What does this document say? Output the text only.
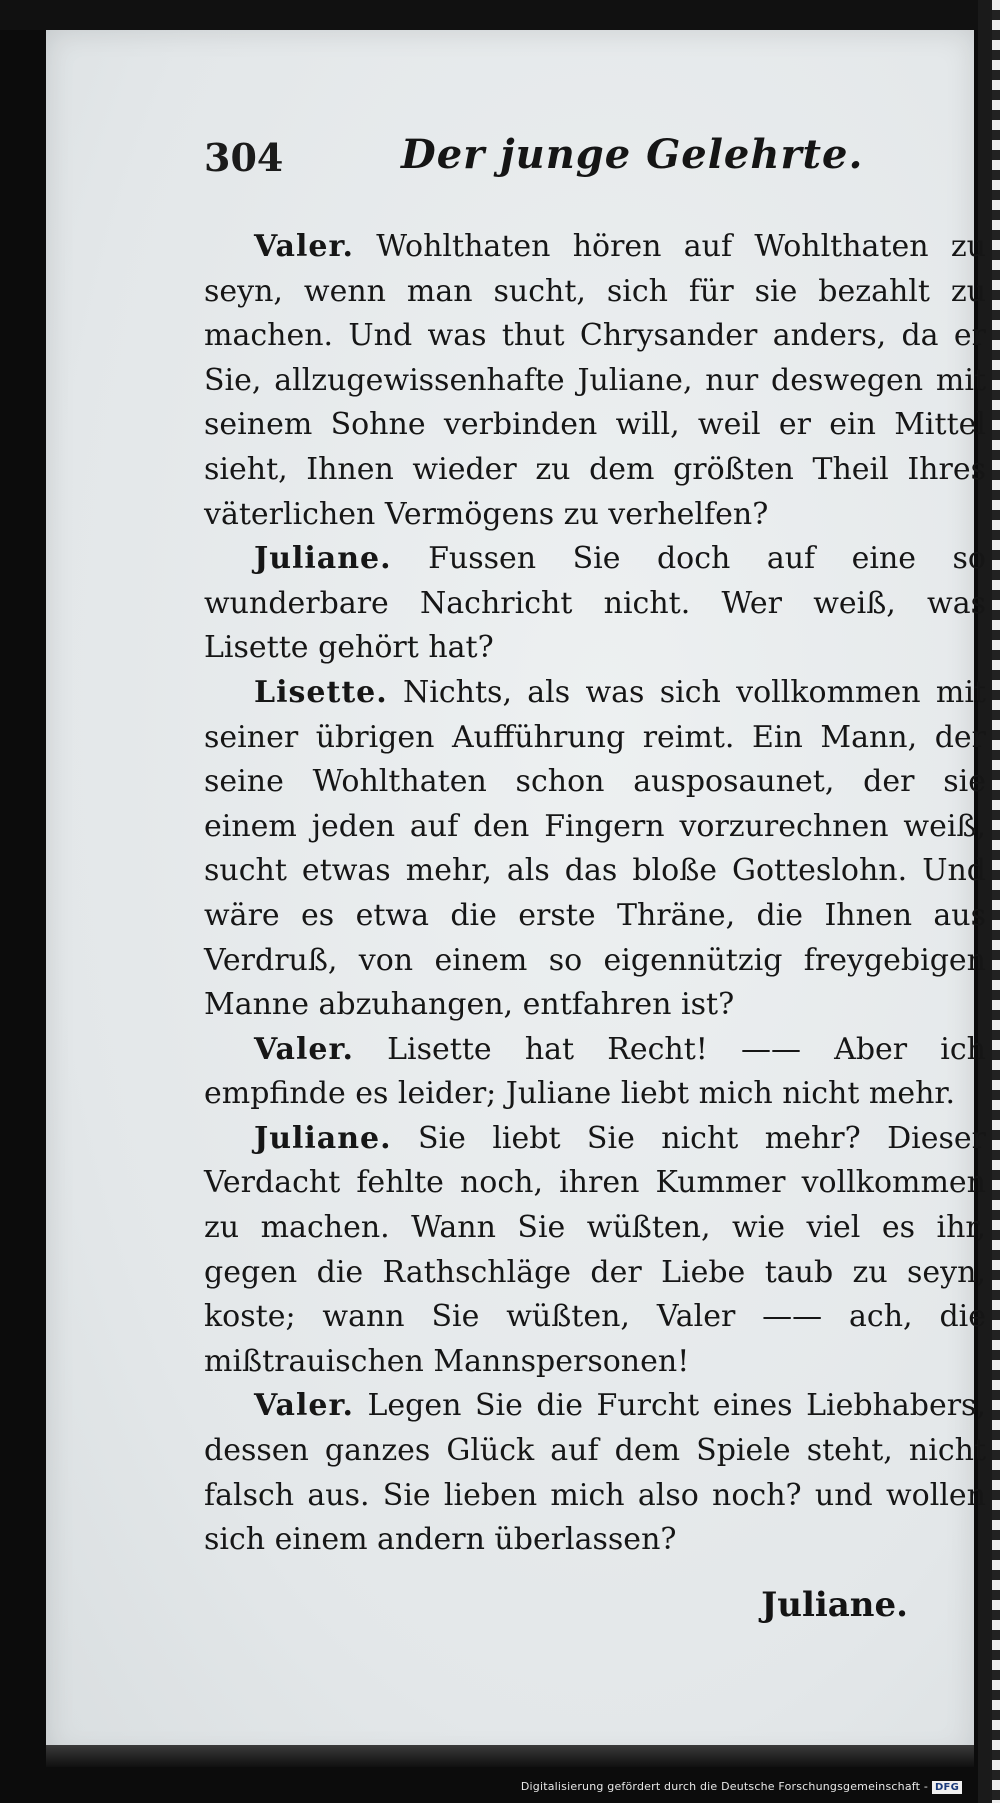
304	Der junge Gelehrte.

Valer. Wohlthaten hören auf Wohlthaten zu seyn, wenn man sucht, sich für sie bezahlt zu machen. Und was thut Chrysander anders, da er Sie, allzugewissenhafte Juliane, nur deswegen mit seinem Sohne verbinden will, weil er ein Mittel sieht, Ihnen wieder zu dem größten Theil Ihres väterlichen Vermögens zu verhelfen?

Juliane. Fussen Sie doch auf eine so wunderbare Nachricht nicht. Wer weiß, was Lisette gehört hat?

Lisette. Nichts, als was sich vollkommen mit seiner übrigen Aufführung reimt. Ein Mann, der seine Wohlthaten schon ausposaunet, der sie einem jeden auf den Fingern vorzurechnen weiß, sucht etwas mehr, als das bloße Gotteslohn. Und wäre es etwa die erste Thräne, die Ihnen aus Verdruß, von einem so eigennützig freygebigen Manne abzuhangen, entfahren ist?

Valer. Lisette hat Recht! —— Aber ich empfinde es leider; Juliane liebt mich nicht mehr.

Juliane. Sie liebt Sie nicht mehr? Dieser Verdacht fehlte noch, ihren Kummer vollkommen zu machen. Wann Sie wüßten, wie viel es ihr, gegen die Rathschläge der Liebe taub zu seyn, koste; wann Sie wüßten, Valer —— ach, die mißtrauischen Mannspersonen!

Valer. Legen Sie die Furcht eines Liebhabers, dessen ganzes Glück auf dem Spiele steht, nicht falsch aus. Sie lieben mich also noch? und wollen sich einem andern überlassen?

Juliane.
Digitalisierung gefördert durch die Deutsche Forschungsgemeinschaft - DFG
